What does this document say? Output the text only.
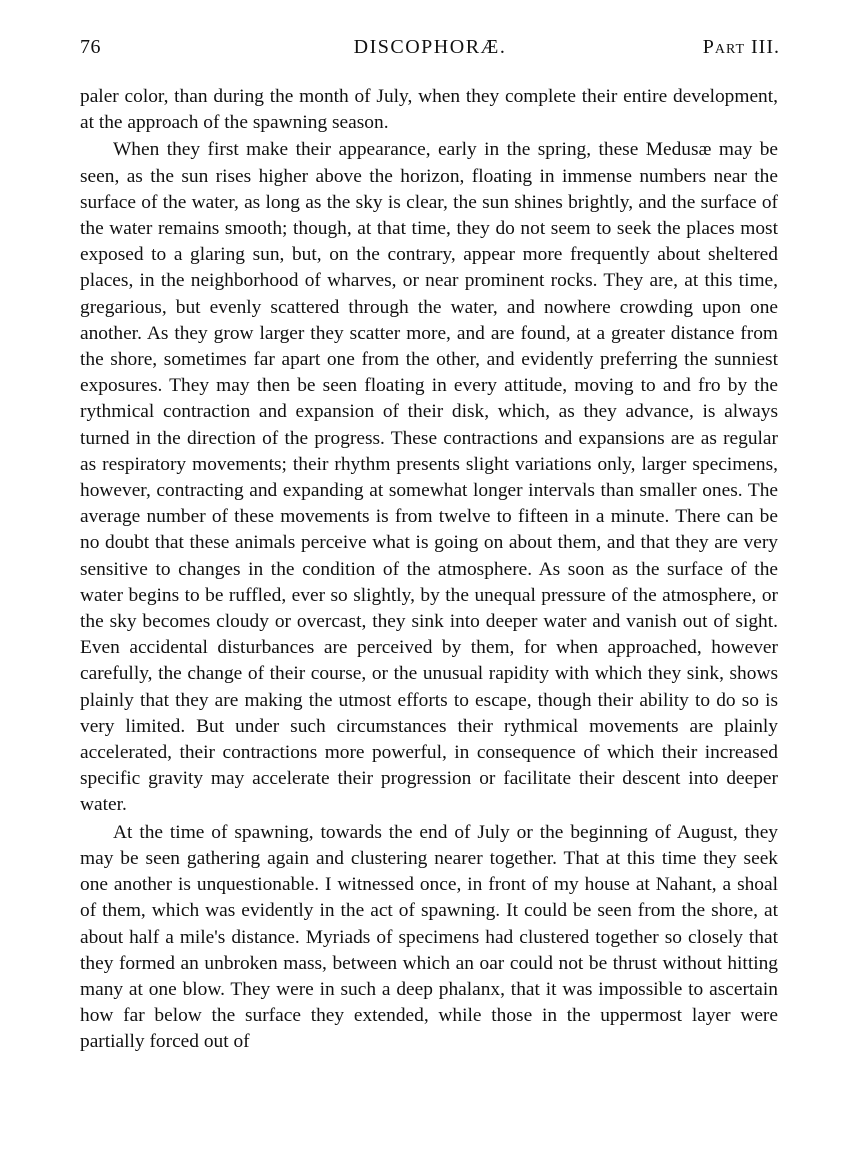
76	DISCOPHORÆ.	Part III.

paler color, than during the month of July, when they complete their entire development, at the approach of the spawning season.

When they first make their appearance, early in the spring, these Medusæ may be seen, as the sun rises higher above the horizon, floating in immense numbers near the surface of the water, as long as the sky is clear, the sun shines brightly, and the surface of the water remains smooth; though, at that time, they do not seem to seek the places most exposed to a glaring sun, but, on the contrary, appear more frequently about sheltered places, in the neighborhood of wharves, or near prominent rocks. They are, at this time, gregarious, but evenly scattered through the water, and nowhere crowding upon one another. As they grow larger they scatter more, and are found, at a greater distance from the shore, sometimes far apart one from the other, and evidently preferring the sunniest exposures. They may then be seen floating in every attitude, moving to and fro by the rythmical contraction and expansion of their disk, which, as they advance, is always turned in the direction of the progress. These contractions and expansions are as regular as respiratory movements; their rhythm presents slight variations only, larger specimens, however, contracting and expanding at somewhat longer intervals than smaller ones. The average number of these movements is from twelve to fifteen in a minute. There can be no doubt that these animals perceive what is going on about them, and that they are very sensitive to changes in the condition of the atmosphere. As soon as the surface of the water begins to be ruffled, ever so slightly, by the unequal pressure of the atmosphere, or the sky becomes cloudy or overcast, they sink into deeper water and vanish out of sight. Even accidental disturbances are perceived by them, for when approached, however carefully, the change of their course, or the unusual rapidity with which they sink, shows plainly that they are making the utmost efforts to escape, though their ability to do so is very limited. But under such circumstances their rythmical movements are plainly accelerated, their contractions more powerful, in consequence of which their increased specific gravity may accelerate their progression or facilitate their descent into deeper water.

At the time of spawning, towards the end of July or the beginning of August, they may be seen gathering again and clustering nearer together. That at this time they seek one another is unquestionable. I witnessed once, in front of my house at Nahant, a shoal of them, which was evidently in the act of spawning. It could be seen from the shore, at about half a mile's distance. Myriads of specimens had clustered together so closely that they formed an unbroken mass, between which an oar could not be thrust without hitting many at one blow. They were in such a deep phalanx, that it was impossible to ascertain how far below the surface they extended, while those in the uppermost layer were partially forced out of
